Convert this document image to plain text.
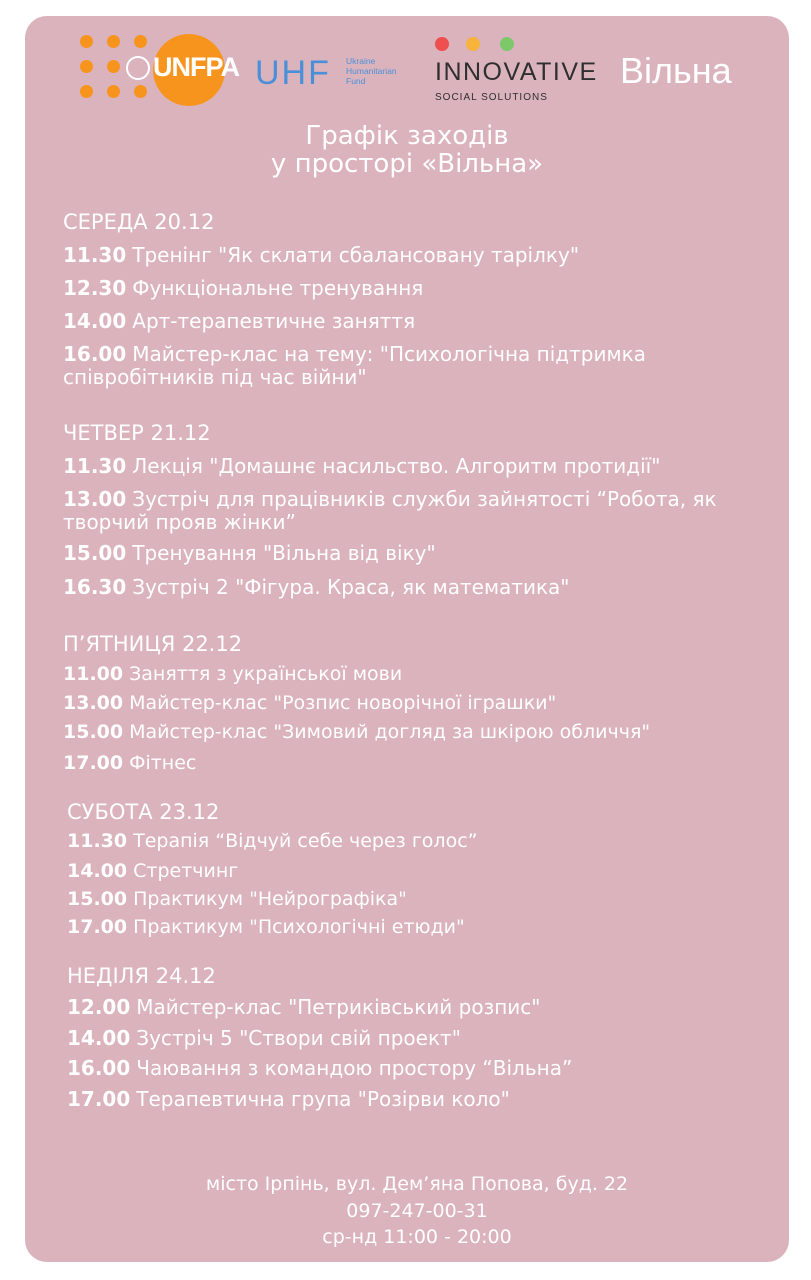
UNFPA UHF Ukraine Humanitarian Fund	INNOVATIVE
SOCIAL SOLUTIONS
Вільна
Графік заходів
у просторі «Вільна»
СЕРЕДА 20.12
11.30 Тренінг "Як склати сбалансовану тарілку"
12.30 Функціональне тренування
14.00 Арт-терапевтичне заняття
16.00 Майстер-клас на тему: "Психологічна підтримка співробітників під час війни"
ЧЕТВЕР 21.12
11.30 Лекція "Домашнє насильство. Алгоритм протидії"
13.00 Зустріч для працівників служби зайнятості “Робота, як творчий прояв жінки”
15.00 Тренування "Вільна від віку"
16.30 Зустріч 2 "Фігура. Краса, як математика"
П’ЯТНИЦЯ 22.12
11.00 Заняття з української мови
13.00 Майстер-клас "Розпис новорічної іграшки"
15.00 Майстер-клас "Зимовий догляд за шкірою обличчя"
17.00 Фітнес
СУБОТА 23.12
11.30 Терапія “Відчуй себе через голос”
14.00 Стретчинг
15.00 Практикум "Нейрографіка"
17.00 Практикум "Психологічні етюди"
НЕДІЛЯ 24.12
12.00 Майстер-клас "Петриківський розпис"
14.00 Зустріч 5 "Створи свій проект"
16.00 Чаювання з командою простору “Вільна”
17.00 Терапевтична група "Розірви коло"
місто Ірпінь, вул. Дем’яна Попова, буд. 22
097-247-00-31
ср-нд 11:00 - 20:00
